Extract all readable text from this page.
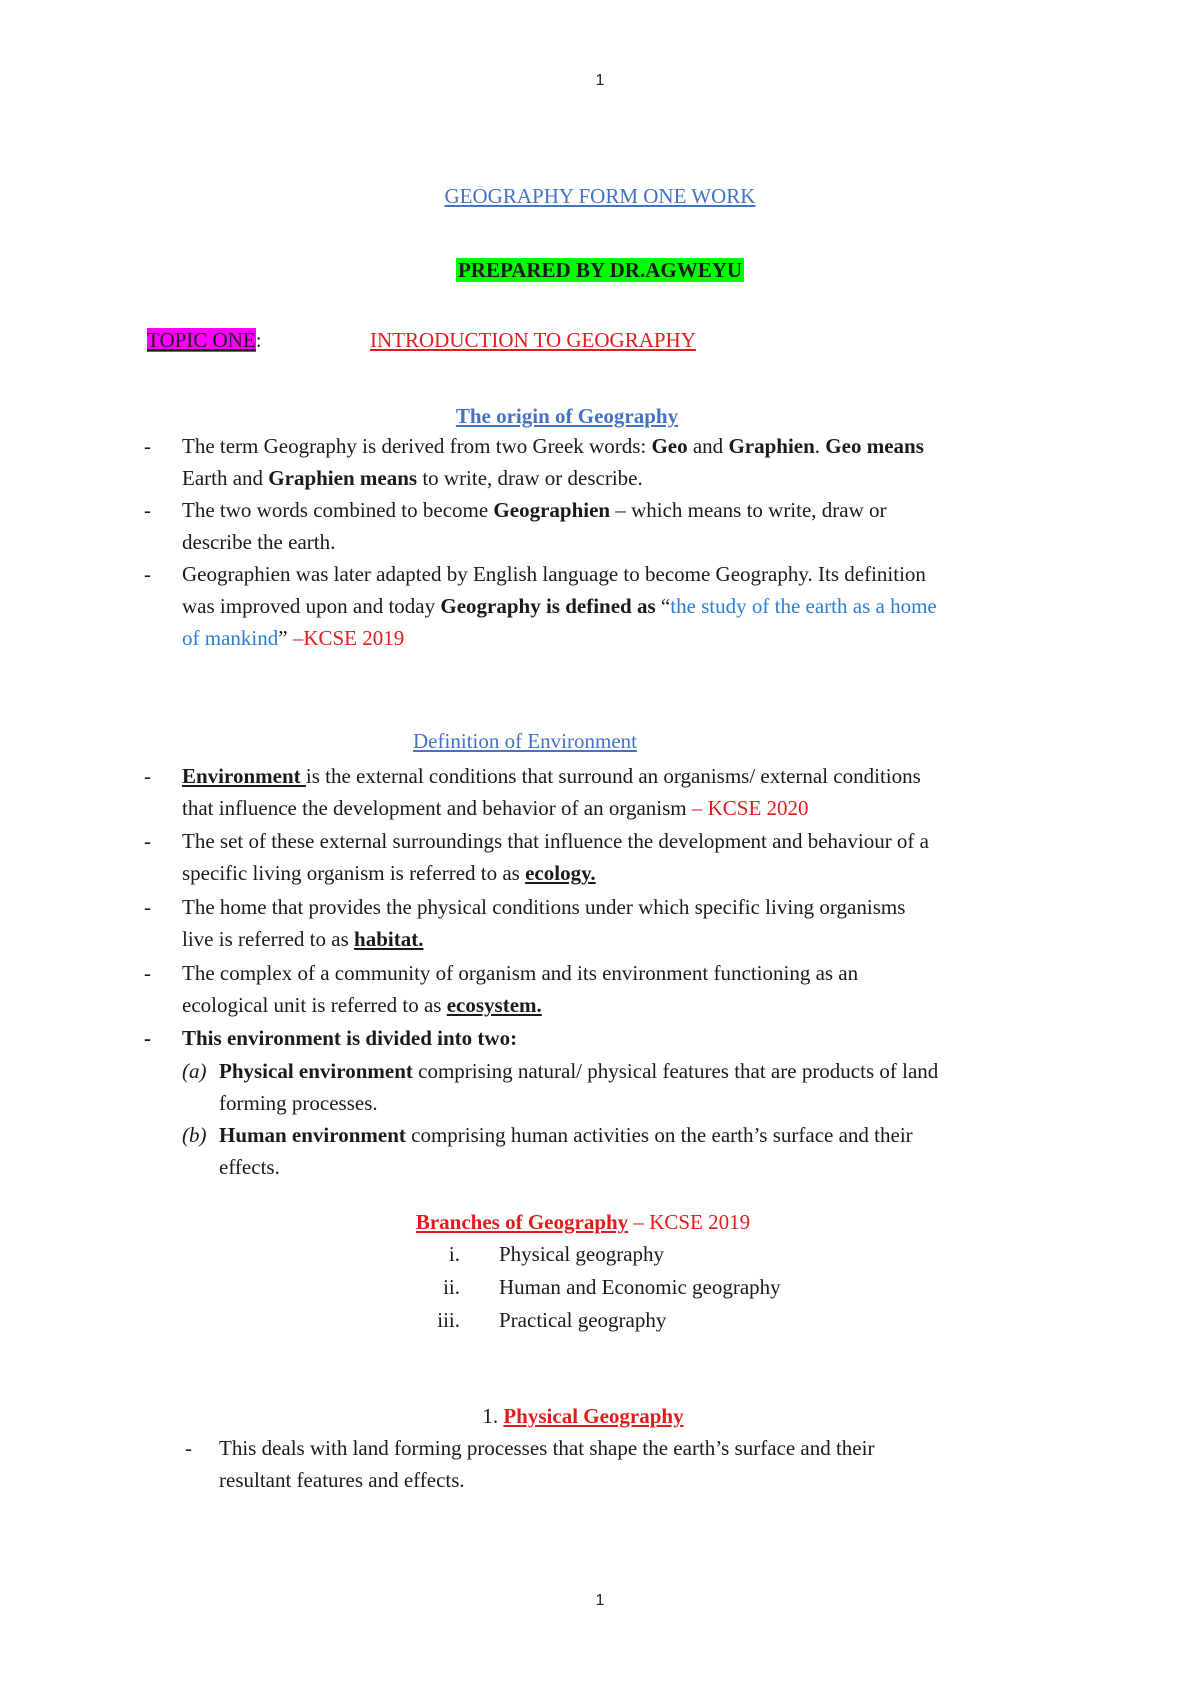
1
GEOGRAPHY FORM ONE WORK
PREPARED BY DR.AGWEYU
TOPIC ONE:	INTRODUCTION TO GEOGRAPHY
The origin of Geography
- The term Geography is derived from two Greek words: Geo and Graphien. Geo means
Earth and Graphien means to write, draw or describe.
- The two words combined to become Geographien – which means to write, draw or
describe the earth.
- Geographien was later adapted by English language to become Geography. Its definition
was improved upon and today Geography is defined as “the study of the earth as a home
of mankind” –KCSE 2019
Definition of Environment
- Environment is the external conditions that surround an organisms/ external conditions
that influence the development and behavior of an organism – KCSE 2020
- The set of these external surroundings that influence the development and behaviour of a
specific living organism is referred to as ecology.
- The home that provides the physical conditions under which specific living organisms
live is referred to as habitat.
- The complex of a community of organism and its environment functioning as an
ecological unit is referred to as ecosystem.
- This environment is divided into two:
(a) Physical environment comprising natural/ physical features that are products of land
forming processes.
(b) Human environment comprising human activities on the earth’s surface and their
effects.
Branches of Geography – KCSE 2019
i. Physical geography
ii. Human and Economic geography
iii. Practical geography
1. Physical Geography
- This deals with land forming processes that shape the earth’s surface and their
resultant features and effects.
1
